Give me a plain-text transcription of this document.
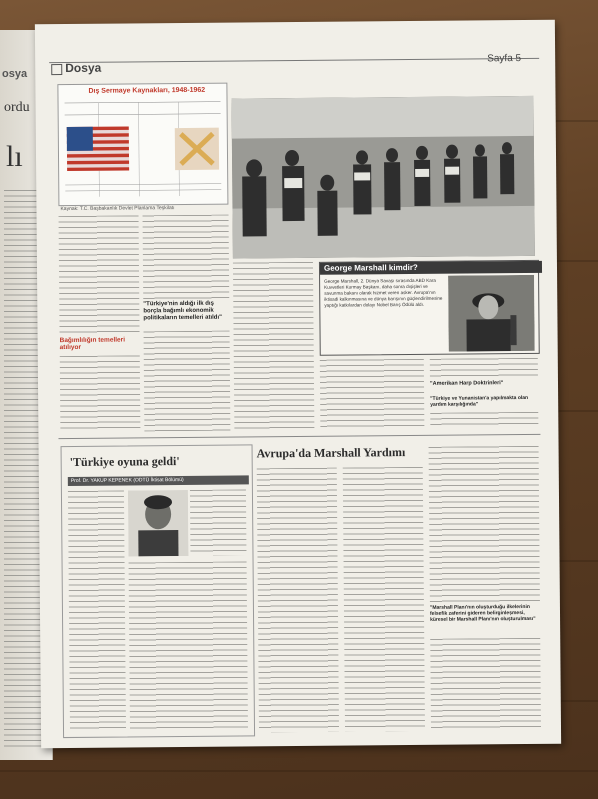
osya
ordu
lı
Dosya
Sayfa 5
Dış Sermaye Kaynakları, 1948-1962
Kaynak: T.C. Başbakanlık Devlet Planlama Teşkilatı
Bağımlılığın temelleri atılıyor
"Türkiye'nin aldığı ilk dış borçla bağımlı ekonomik politikaların temelleri atıldı"
George Marshall kimdir?
George Marshall, 2. Dünya Savaşı sırasında ABD Kara Kuvvetleri Kurmay Başkanı, daha sonra dışişleri ve savunma bakanı olarak hizmet veren asker. Avrupa'nın iktisadi kalkınmasına ve dünya barışının güçlendirilmesine yaptığı katkılardan dolayı Nobel Barış Ödülü aldı.
"Amerikan Harp Doktrinleri"
"Türkiye ve Yunanistan'a yapılmakta olan yardım karşılığında"
'Türkiye oyuna geldi'
Prof. Dr. YAKUP KEPENEK (ODTÜ İktisat Bölümü)
Avrupa'da Marshall Yardımı
"Marshall Planı'nın oluşturduğu ilkelerinin felsefik zaferini gideren belirginleşmesi, küresel bir Marshall Planı'nın oluşturulması"
